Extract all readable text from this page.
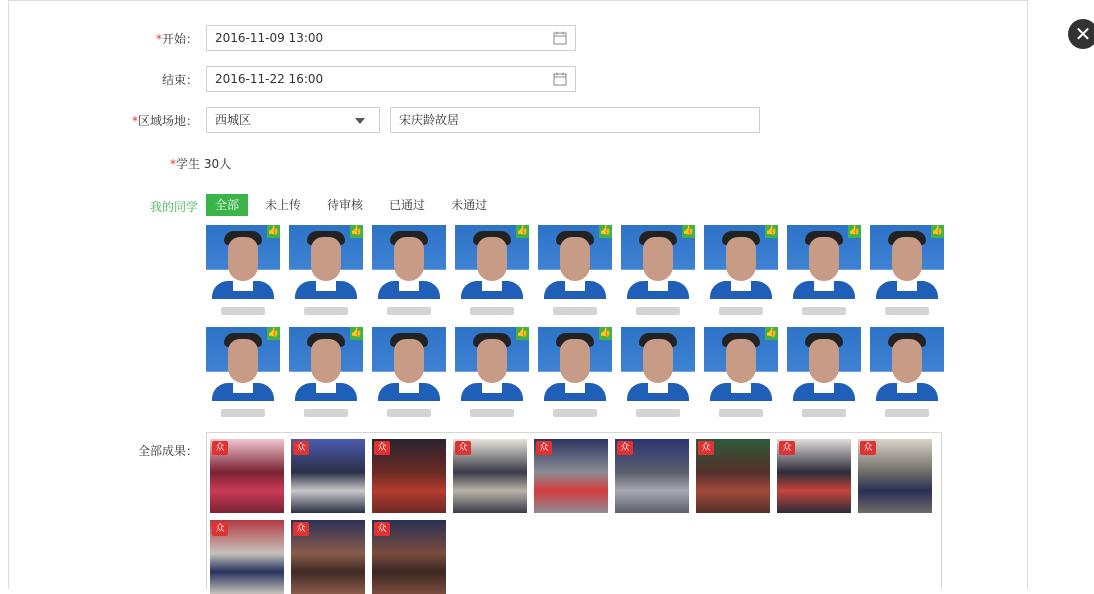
*开始：	2016-11-09 13:00
结束：	2016-11-22 16:00
*区域场地：	西城区	宋庆龄故居
*学生 30人
我的同学	全部	未上传	待审核	已通过	未通过
👍	👍	👍	👍	👍	👍	👍	👍
👍	👍	👍	👍	👍
全部成果：	众	众	众	众	众	众	众	众	众
众	众	众
✕
